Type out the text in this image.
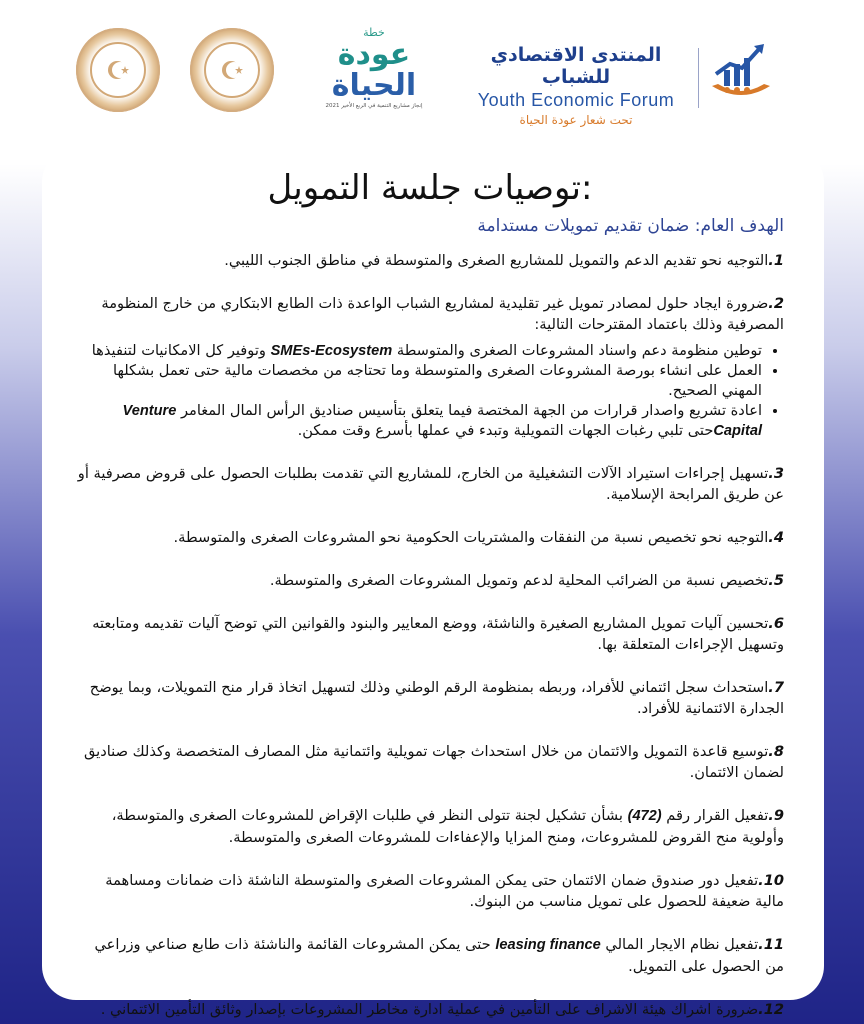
خطة
عودة
الحياة
إنجاز مشاريع التنمية في الربع الأخير 2021
المنتدى الاقتصادي للشباب
Youth Economic Forum
تحت شعار عودة الحياة
توصيات جلسة التمويل:
الهدف العام: ضمان تقديم تمويلات مستدامة
1.التوجيه نحو تقديم الدعم والتمويل للمشاريع الصغرى والمتوسطة في مناطق الجنوب الليبي.
2.ضرورة ايجاد حلول لمصادر تمويل غير تقليدية لمشاريع الشباب الواعدة ذات الطابع الابتكاري من خارج المنظومة المصرفية وذلك باعتماد المقترحات التالية:
• توطين منظومة دعم واسناد المشروعات الصغرى والمتوسطة SMEs-Ecosystem وتوفير كل الامكانيات لتنفيذها
• العمل على انشاء بورصة المشروعات الصغرى والمتوسطة وما تحتاجه من مخصصات مالية حتى تعمل بشكلها المهني الصحيح.
• اعادة تشريع واصدار قرارات من الجهة المختصة فيما يتعلق بتأسيس صناديق الرأس المال المغامر Venture Capitalحتى تلبي رغبات الجهات التمويلية وتبدء في عملها بأسرع وقت ممكن.
3.تسهيل إجراءات استيراد الآلات التشغيلية من الخارج، للمشاريع التي تقدمت بطلبات الحصول على قروض مصرفية أو عن طريق المرابحة الإسلامية.
4.التوجيه نحو تخصيص نسبة من النفقات والمشتريات الحكومية نحو المشروعات الصغرى والمتوسطة.
5.تخصيص نسبة من الضرائب المحلية لدعم وتمويل المشروعات الصغرى والمتوسطة.
6.تحسين آليات تمويل المشاريع الصغيرة والناشئة، ووضع المعايير والبنود والقوانين التي توضح آليات تقديمه ومتابعته وتسهيل الإجراءات المتعلقة بها.
7.استحداث سجل ائتماني للأفراد، وربطه بمنظومة الرقم الوطني وذلك لتسهيل اتخاذ قرار منح التمويلات، وبما يوضح الجدارة الائتمانية للأفراد.
8.توسيع قاعدة التمويل والائتمان من خلال استحداث جهات تمويلية وائتمانية مثل المصارف المتخصصة وكذلك صناديق لضمان الائتمان.
9.تفعيل القرار رقم (472) بشأن تشكيل لجنة تتولى النظر في طلبات الإقراض للمشروعات الصغرى والمتوسطة، وأولوية منح القروض للمشروعات، ومنح المزايا والإعفاءات للمشروعات الصغرى والمتوسطة.
10.تفعيل دور صندوق ضمان الائتمان حتى يمكن المشروعات الصغرى والمتوسطة الناشئة ذات ضمانات ومساهمة مالية ضعيفة للحصول على تمويل مناسب من البنوك.
11.تفعيل نظام الايجار المالي leasing finance حتى يمكن المشروعات القائمة والناشئة ذات طابع صناعي وزراعي من الحصول على التمويل.
12.ضرورة اشراك هيئة الاشراف على التأمين في عملية ادارة مخاطر المشروعات بإصدار وثائق التأمين الائتماني .
